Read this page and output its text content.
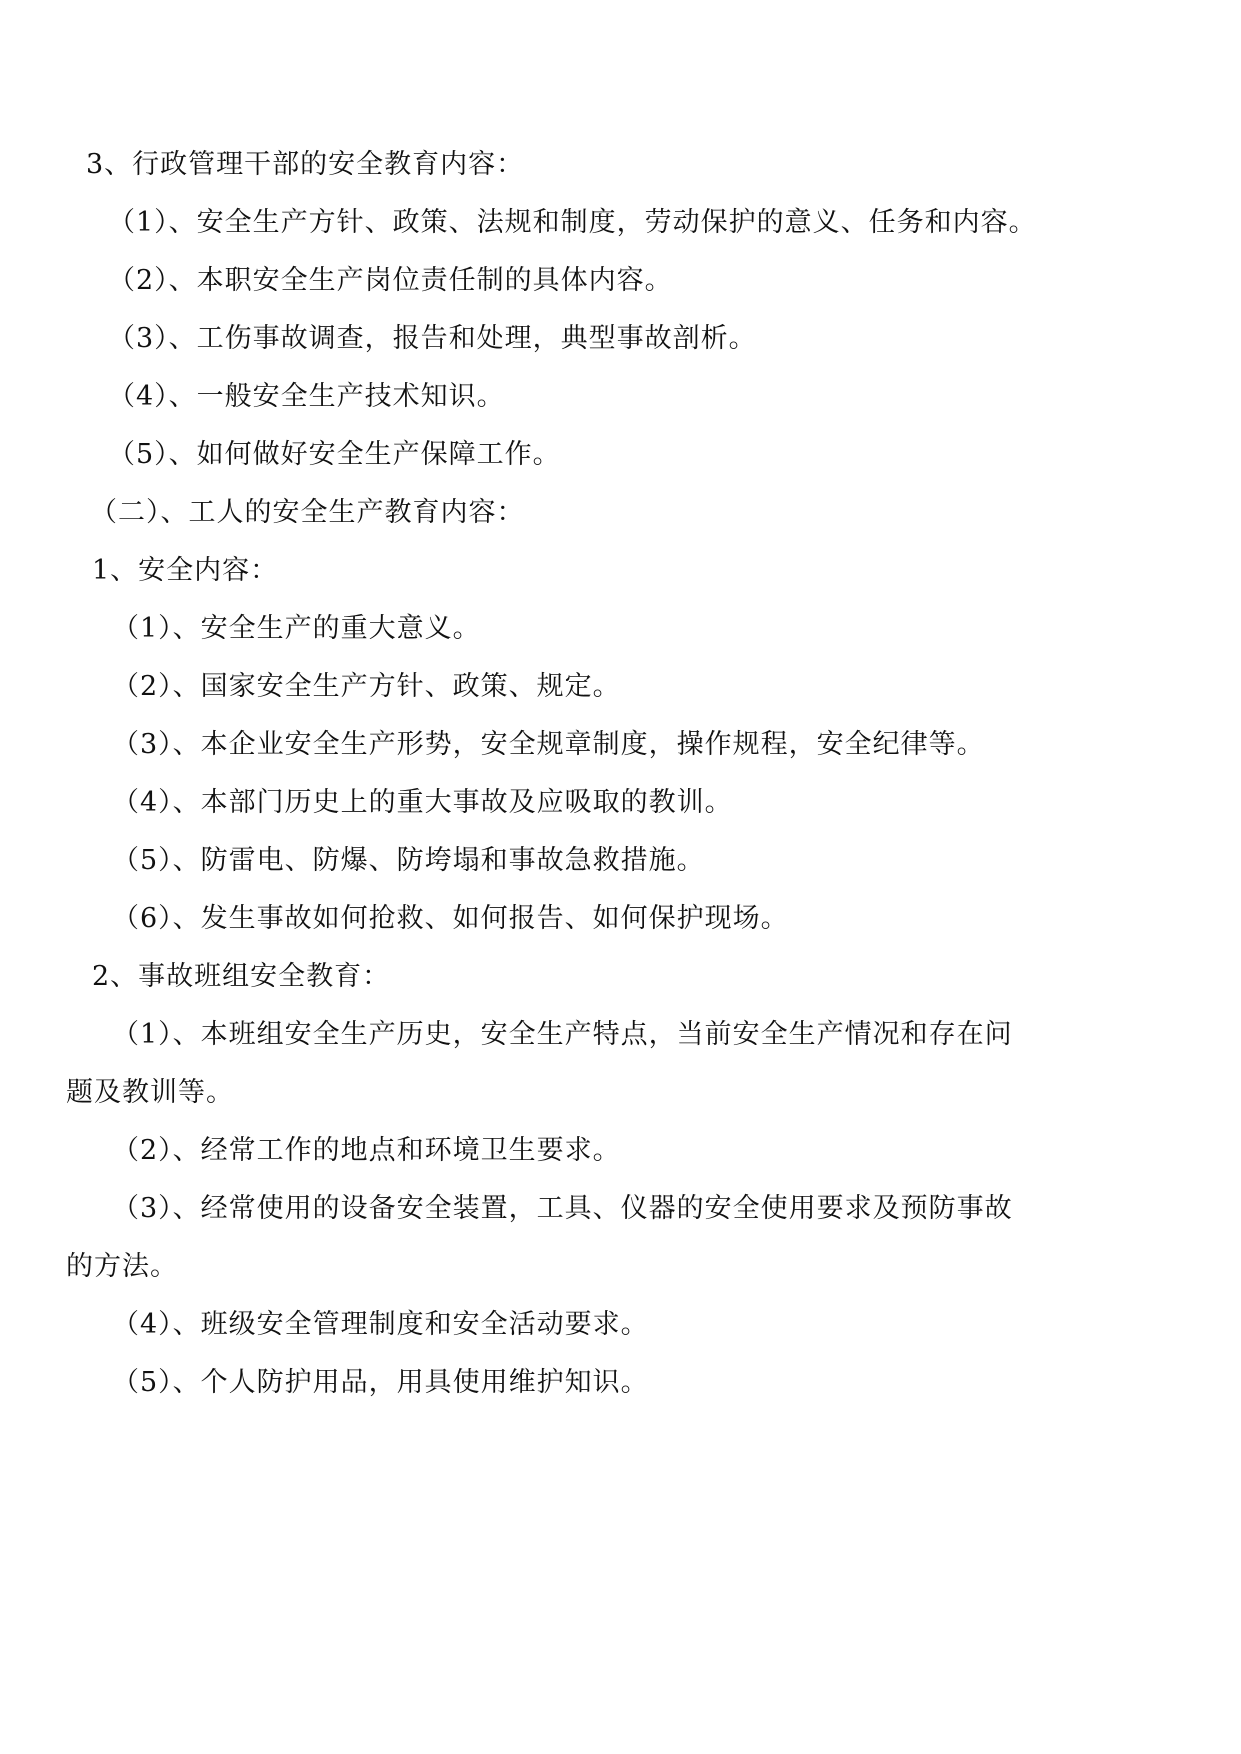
3、行政管理干部的安全教育内容：
（1）、安全生产方针、政策、法规和制度，劳动保护的意义、任务和内容。
（2）、本职安全生产岗位责任制的具体内容。
（3）、工伤事故调查，报告和处理，典型事故剖析。
（4）、一般安全生产技术知识。
（5）、如何做好安全生产保障工作。
（二）、工人的安全生产教育内容：
1、安全内容：
（1）、安全生产的重大意义。
（2）、国家安全生产方针、政策、规定。
（3）、本企业安全生产形势，安全规章制度，操作规程，安全纪律等。
（4）、本部门历史上的重大事故及应吸取的教训。
（5）、防雷电、防爆、防垮塌和事故急救措施。
（6）、发生事故如何抢救、如何报告、如何保护现场。
2、事故班组安全教育：
（1）、本班组安全生产历史，安全生产特点，当前安全生产情况和存在问
题及教训等。
（2）、经常工作的地点和环境卫生要求。
（3）、经常使用的设备安全装置，工具、仪器的安全使用要求及预防事故
的方法。
（4）、班级安全管理制度和安全活动要求。
（5）、个人防护用品，用具使用维护知识。
